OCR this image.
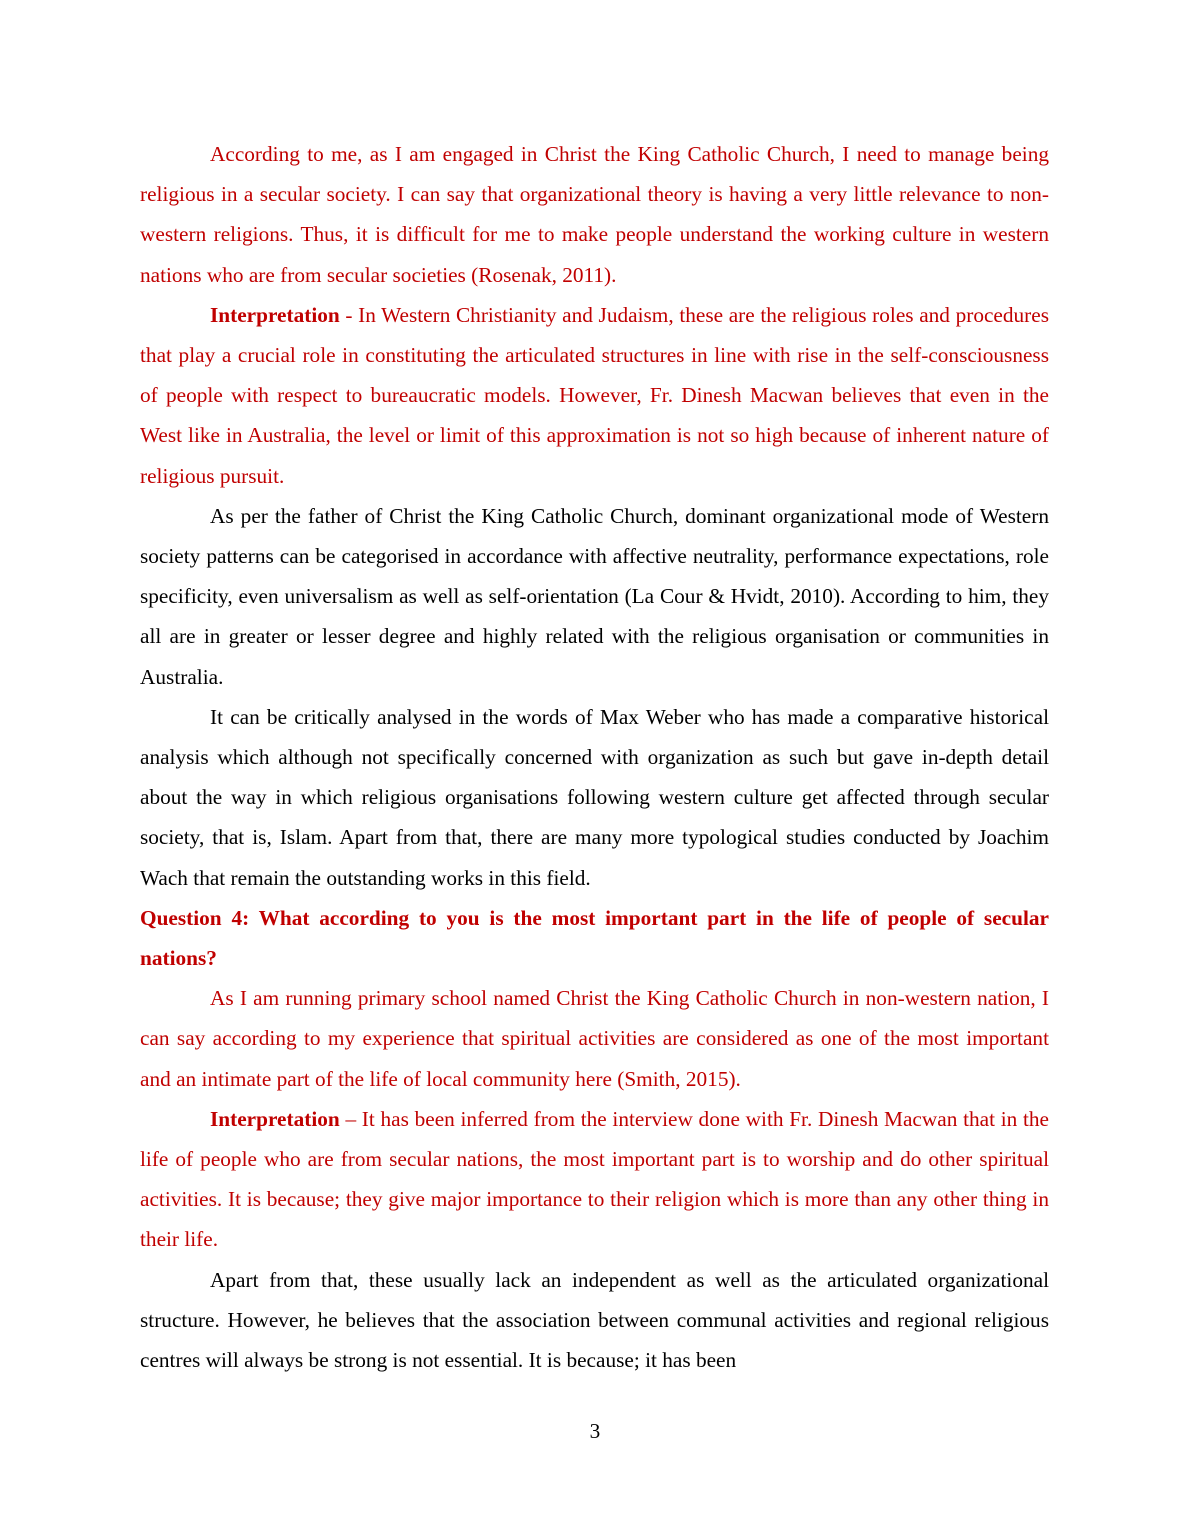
According to me, as I am engaged in Christ the King Catholic Church, I need to manage being religious in a secular society. I can say that organizational theory is having a very little relevance to non-western religions. Thus, it is difficult for me to make people understand the working culture in western nations who are from secular societies (Rosenak, 2011).

Interpretation - In Western Christianity and Judaism, these are the religious roles and procedures that play a crucial role in constituting the articulated structures in line with rise in the self-consciousness of people with respect to bureaucratic models. However, Fr. Dinesh Macwan believes that even in the West like in Australia, the level or limit of this approximation is not so high because of inherent nature of religious pursuit.

As per the father of Christ the King Catholic Church, dominant organizational mode of Western society patterns can be categorised in accordance with affective neutrality, performance expectations, role specificity, even universalism as well as self-orientation (La Cour & Hvidt, 2010). According to him, they all are in greater or lesser degree and highly related with the religious organisation or communities in Australia.

It can be critically analysed in the words of Max Weber who has made a comparative historical analysis which although not specifically concerned with organization as such but gave in-depth detail about the way in which religious organisations following western culture get affected through secular society, that is, Islam. Apart from that, there are many more typological studies conducted by Joachim Wach that remain the outstanding works in this field.

Question 4: What according to you is the most important part in the life of people of secular nations?

As I am running primary school named Christ the King Catholic Church in non-western nation, I can say according to my experience that spiritual activities are considered as one of the most important and an intimate part of the life of local community here (Smith, 2015).

Interpretation – It has been inferred from the interview done with Fr. Dinesh Macwan that in the life of people who are from secular nations, the most important part is to worship and do other spiritual activities. It is because; they give major importance to their religion which is more than any other thing in their life.

Apart from that, these usually lack an independent as well as the articulated organizational structure. However, he believes that the association between communal activities and regional religious centres will always be strong is not essential. It is because; it has been

3
